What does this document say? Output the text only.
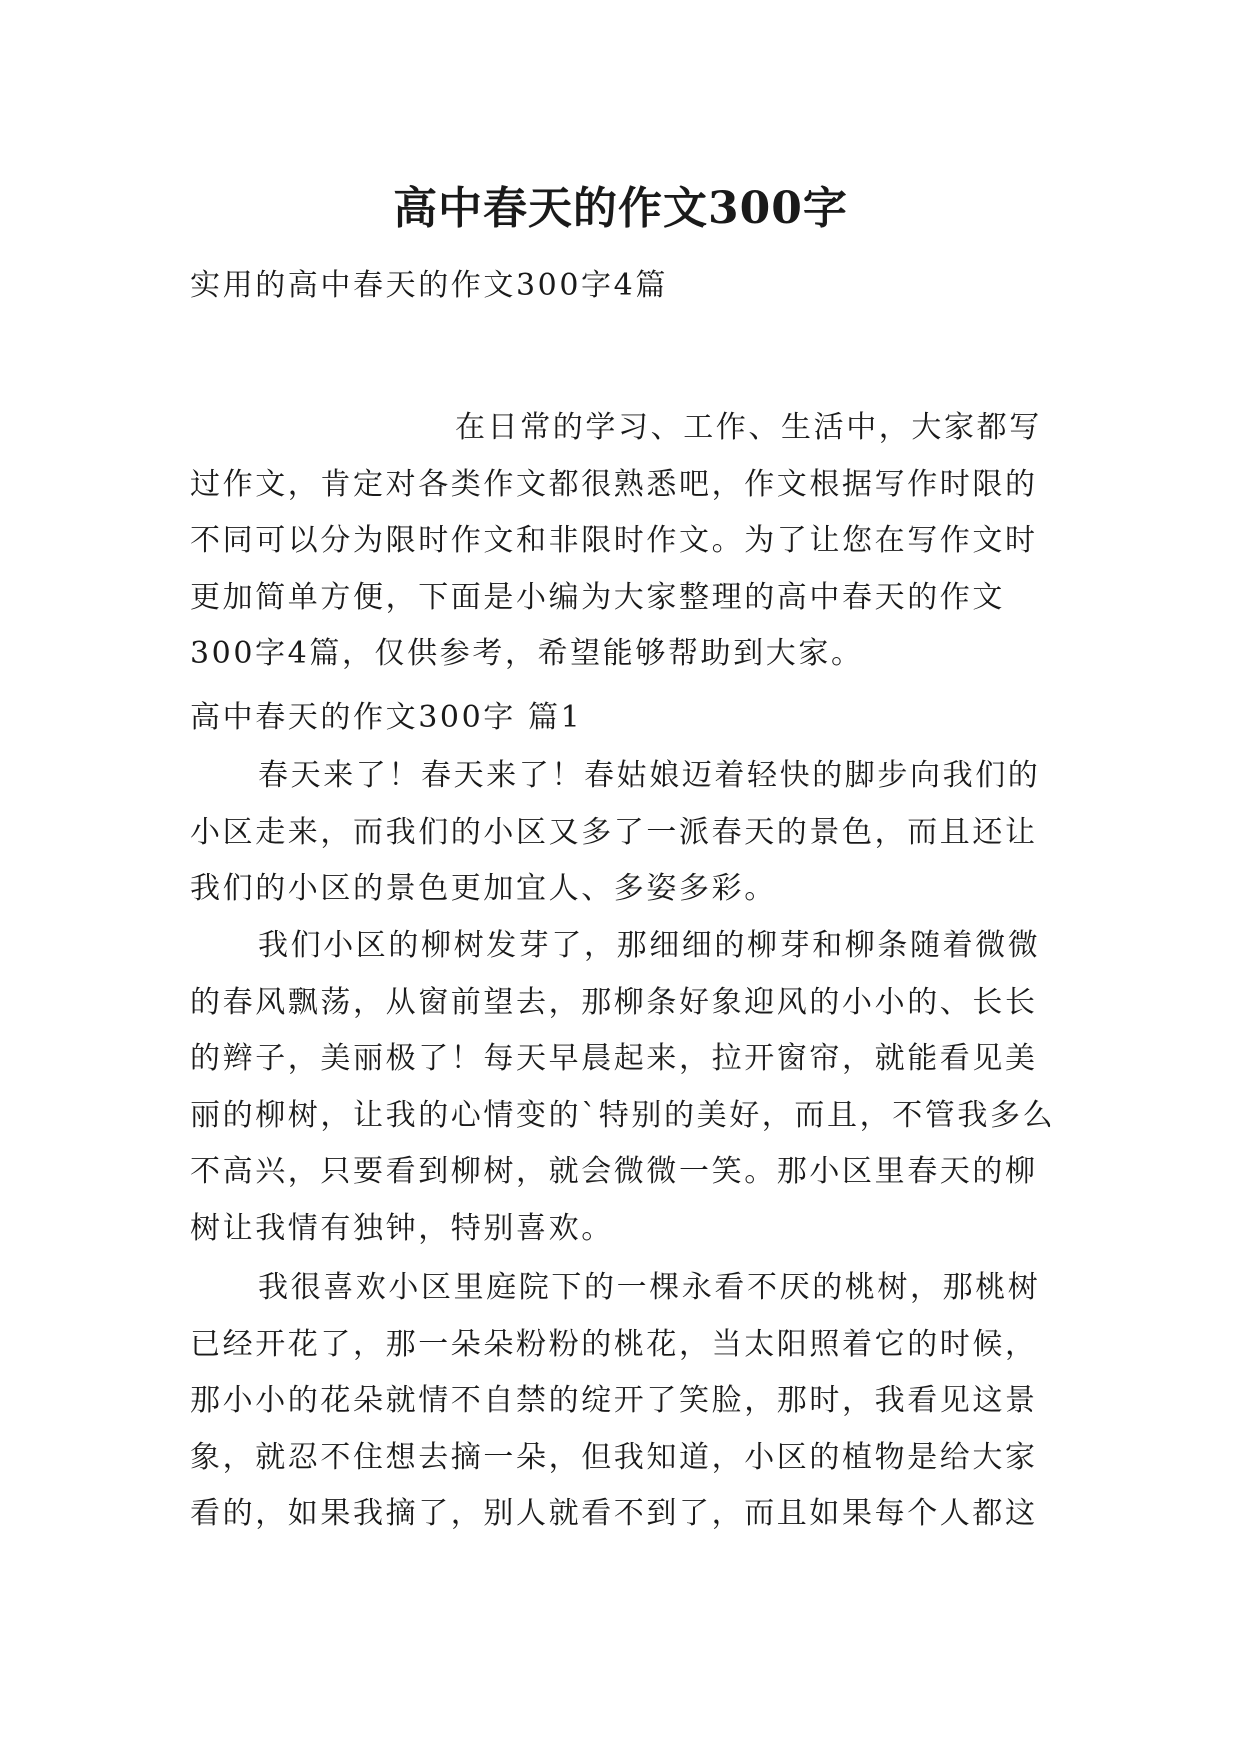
高中春天的作文300字

实用的高中春天的作文300字4篇

在日常的学习、工作、生活中，大家都写过作文，肯定对各类作文都很熟悉吧，作文根据写作时限的不同可以分为限时作文和非限时作文。为了让您在写作文时更加简单方便，下面是小编为大家整理的高中春天的作文300字4篇，仅供参考，希望能够帮助到大家。

高中春天的作文300字 篇1

春天来了！春天来了！春姑娘迈着轻快的脚步向我们的小区走来，而我们的小区又多了一派春天的景色，而且还让我们的小区的景色更加宜人、多姿多彩。

我们小区的柳树发芽了，那细细的柳芽和柳条随着微微的春风飘荡，从窗前望去，那柳条好象迎风的小小的、长长的辫子，美丽极了！每天早晨起来，拉开窗帘，就能看见美丽的柳树，让我的心情变的`特别的美好，而且，不管我多么不高兴，只要看到柳树，就会微微一笑。那小区里春天的柳树让我情有独钟，特别喜欢。

我很喜欢小区里庭院下的一棵永看不厌的桃树，那桃树已经开花了，那一朵朵粉粉的桃花，当太阳照着它的时候，那小小的花朵就情不自禁的绽开了笑脸，那时，我看见这景象，就忍不住想去摘一朵，但我知道，小区的植物是给大家看的，如果我摘了，别人就看不到了，而且如果每个人都这
